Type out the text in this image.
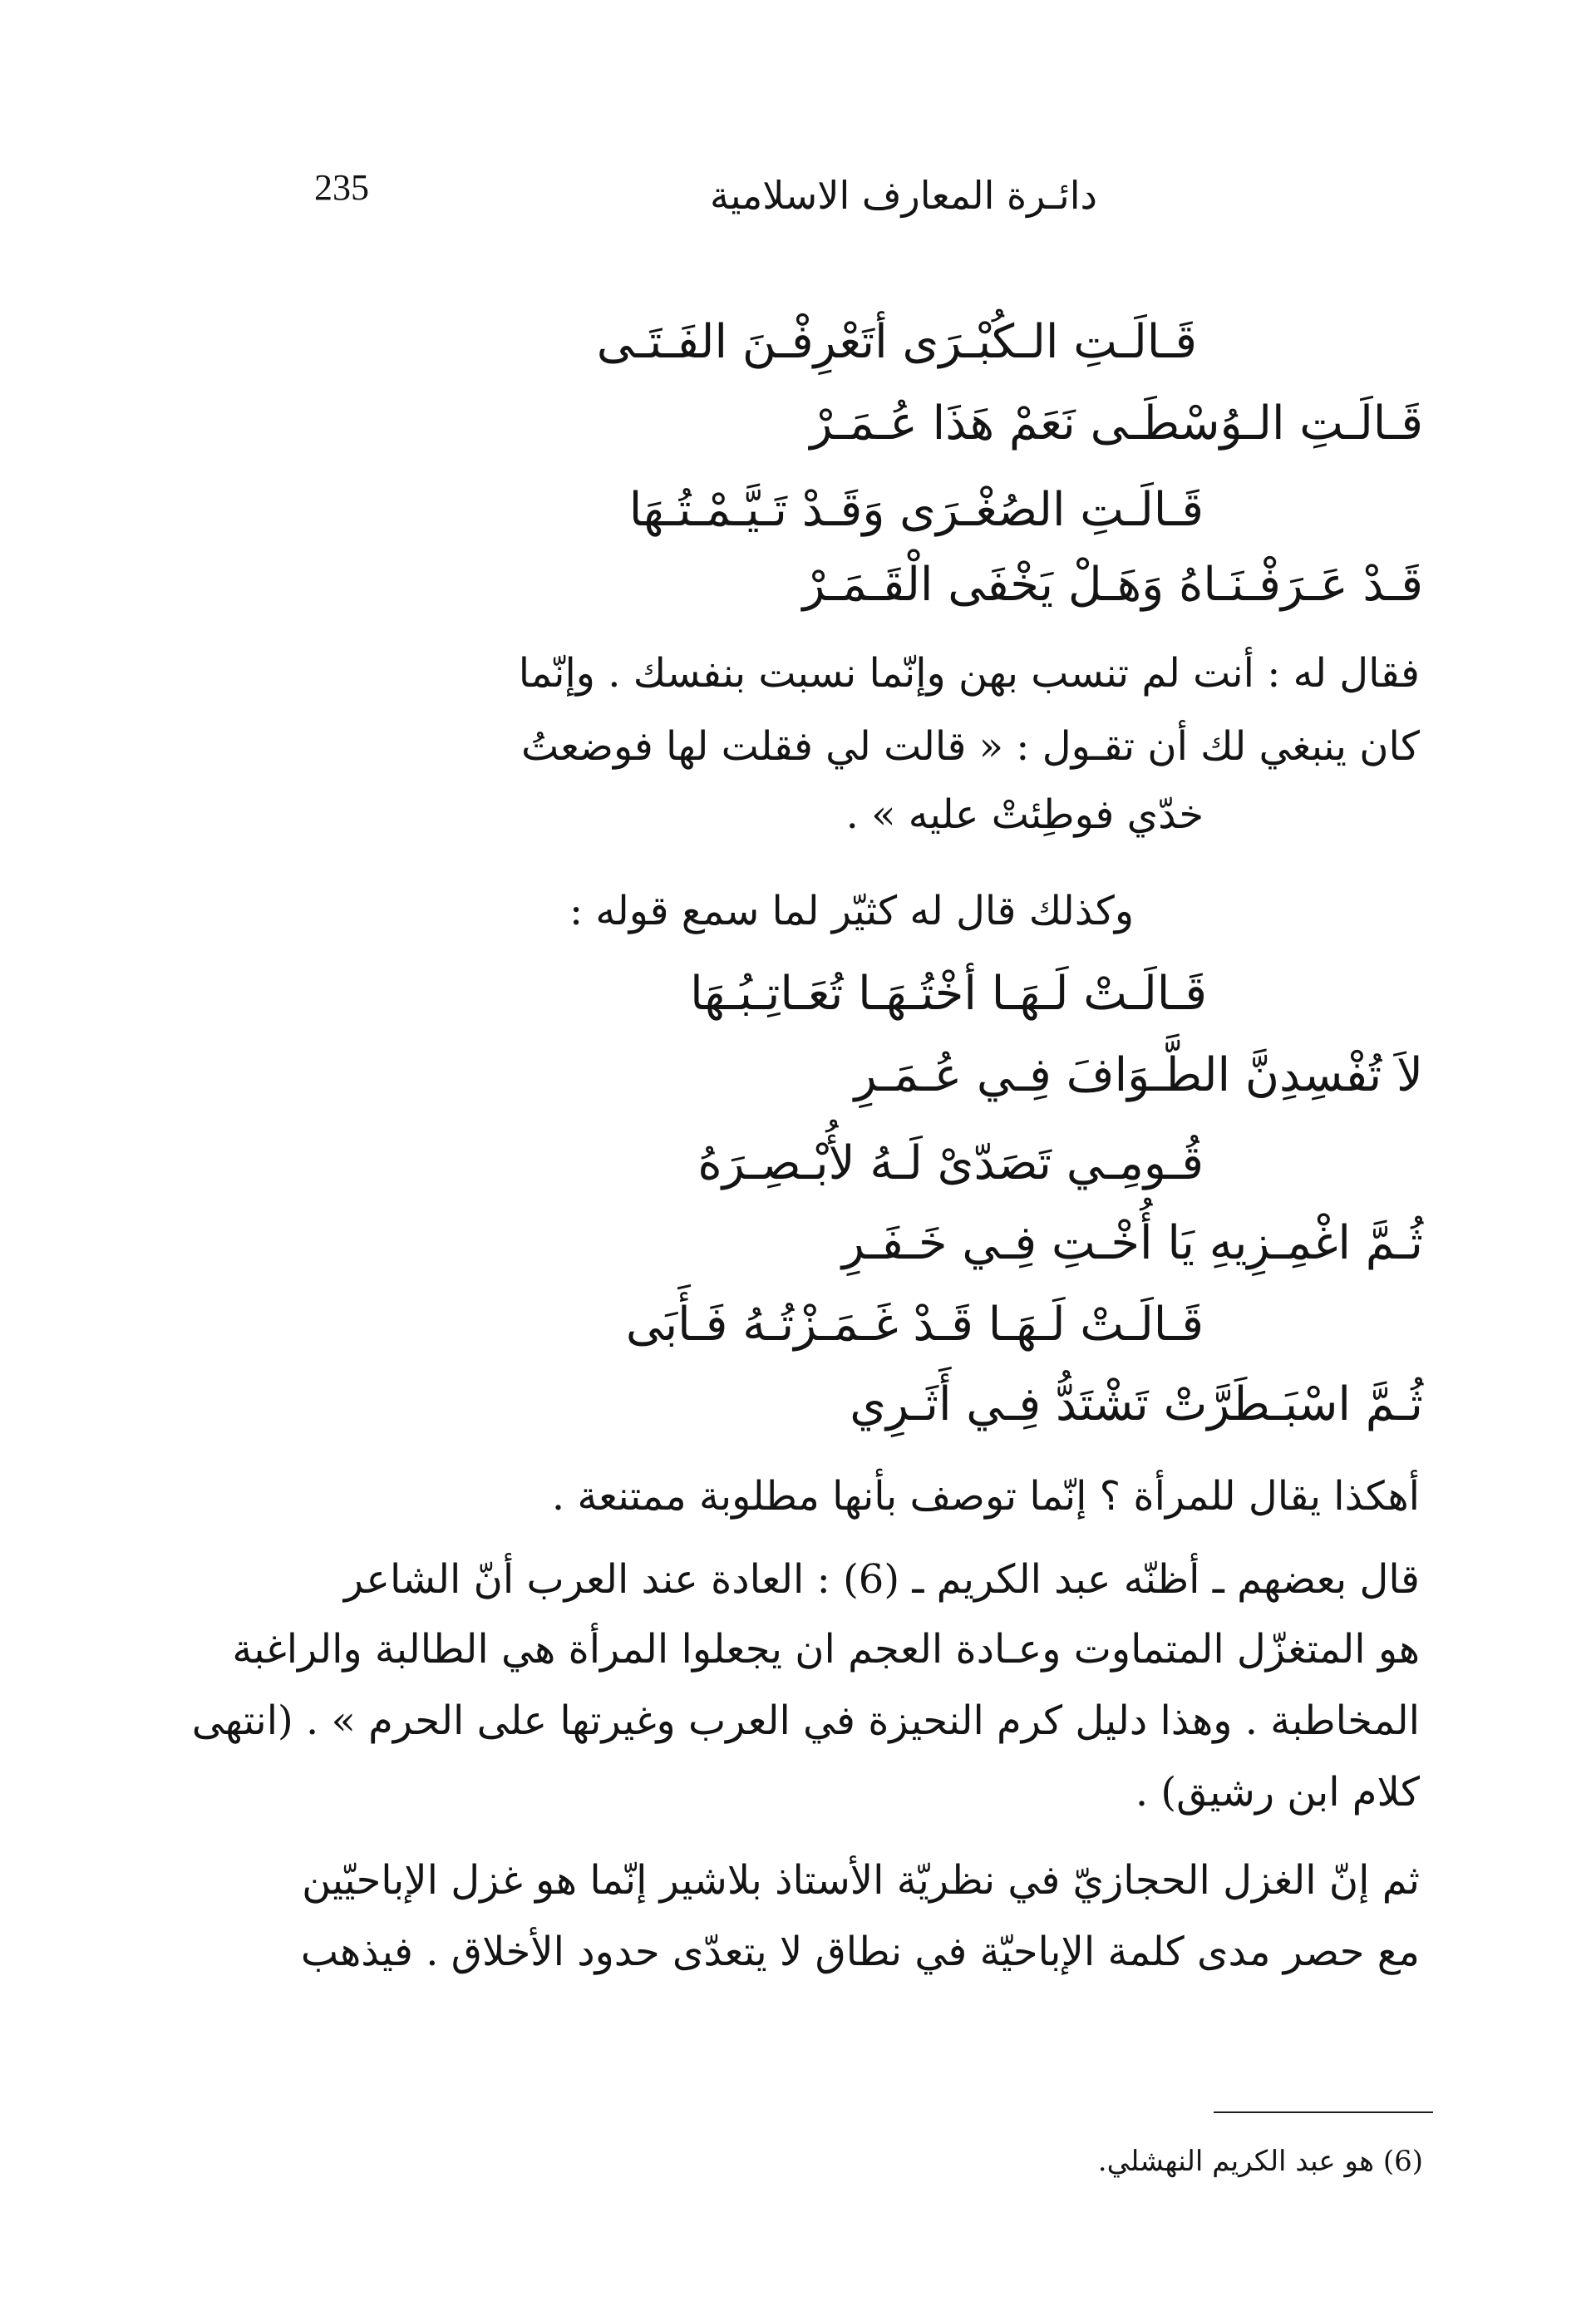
235	دائـرة المعارف الاسلامية
قَـالَـتِ الـكُبْـرَى أتَعْرِفْـنَ الفَـتَـى
قَـالَـتِ الـوُسْطَـى نَعَمْ هَذَا عُـمَـرْ
قَـالَـتِ الصُغْـرَى وَقَـدْ تَـيَّـمْـتُـهَا
قَـدْ عَـرَفْـنَـاهُ وَهَـلْ يَخْفَى الْقَـمَـرْ
فقال له : أنت لم تنسب بهن وإنّما نسبت بنفسك . وإنّما
كان ينبغي لك أن تقـول : « قالت لي فقلت لها فوضعتُ
خدّي فوطِئتْ عليه » .
وكذلك قال له كثيّر لما سمع قوله :
قَـالَـتْ لَـهَـا أخْتُـهَـا تُعَـاتِـبُـهَا
لاَ تُفْسِدِنَّ الطَّـوَافَ فِـي عُـمَـرِ
قُـومِـي تَصَدّىْ لَـهُ لأُبْـصِـرَهُ
ثُـمَّ اغْمِـزِيهِ يَا أُخْـتِ فِـي خَـفَـرِ
قَـالَـتْ لَـهَـا قَـدْ غَـمَـزْتُـهُ فَـأَبَى
ثُـمَّ اسْبَـطَرَّتْ تَشْتَدُّ فِـي أَثَـرِي
أهكذا يقال للمرأة ؟ إنّما توصف بأنها مطلوبة ممتنعة .
قال بعضهم ـ أظنّه عبد الكريم ـ (6) : العادة عند العرب أنّ الشاعر
هو المتغزّل المتماوت وعـادة العجم ان يجعلوا المرأة هي الطالبة والراغبة
المخاطبة . وهذا دليل كرم النحيزة في العرب وغيرتها على الحرم » . (انتهى
كلام ابن رشيق) .
ثم إنّ الغزل الحجازيّ في نظريّة الأستاذ بلاشير إنّما هو غزل الإباحيّين
مع حصر مدى كلمة الإباحيّة في نطاق لا يتعدّى حدود الأخلاق . فيذهب
(6) هو عبد الكريم النهشلي.
